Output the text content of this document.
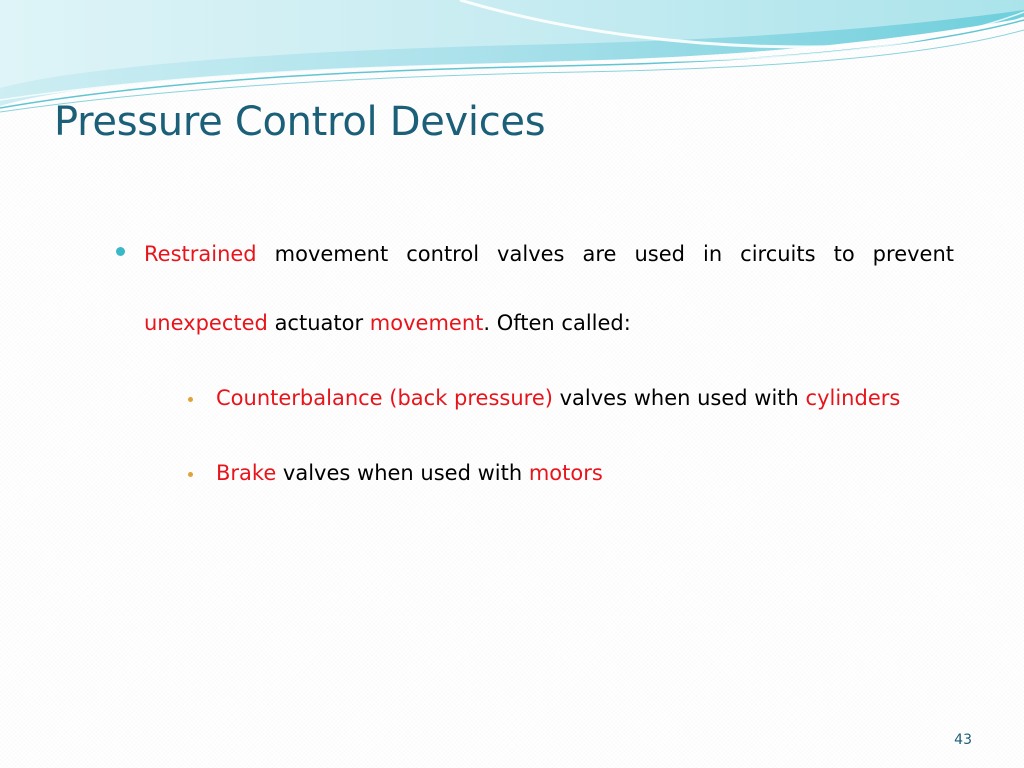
Pressure Control Devices
Restrained movement control valves are used in circuits to prevent unexpected actuator movement. Often called:
Counterbalance (back pressure) valves when used with cylinders
Brake valves when used with motors
43
